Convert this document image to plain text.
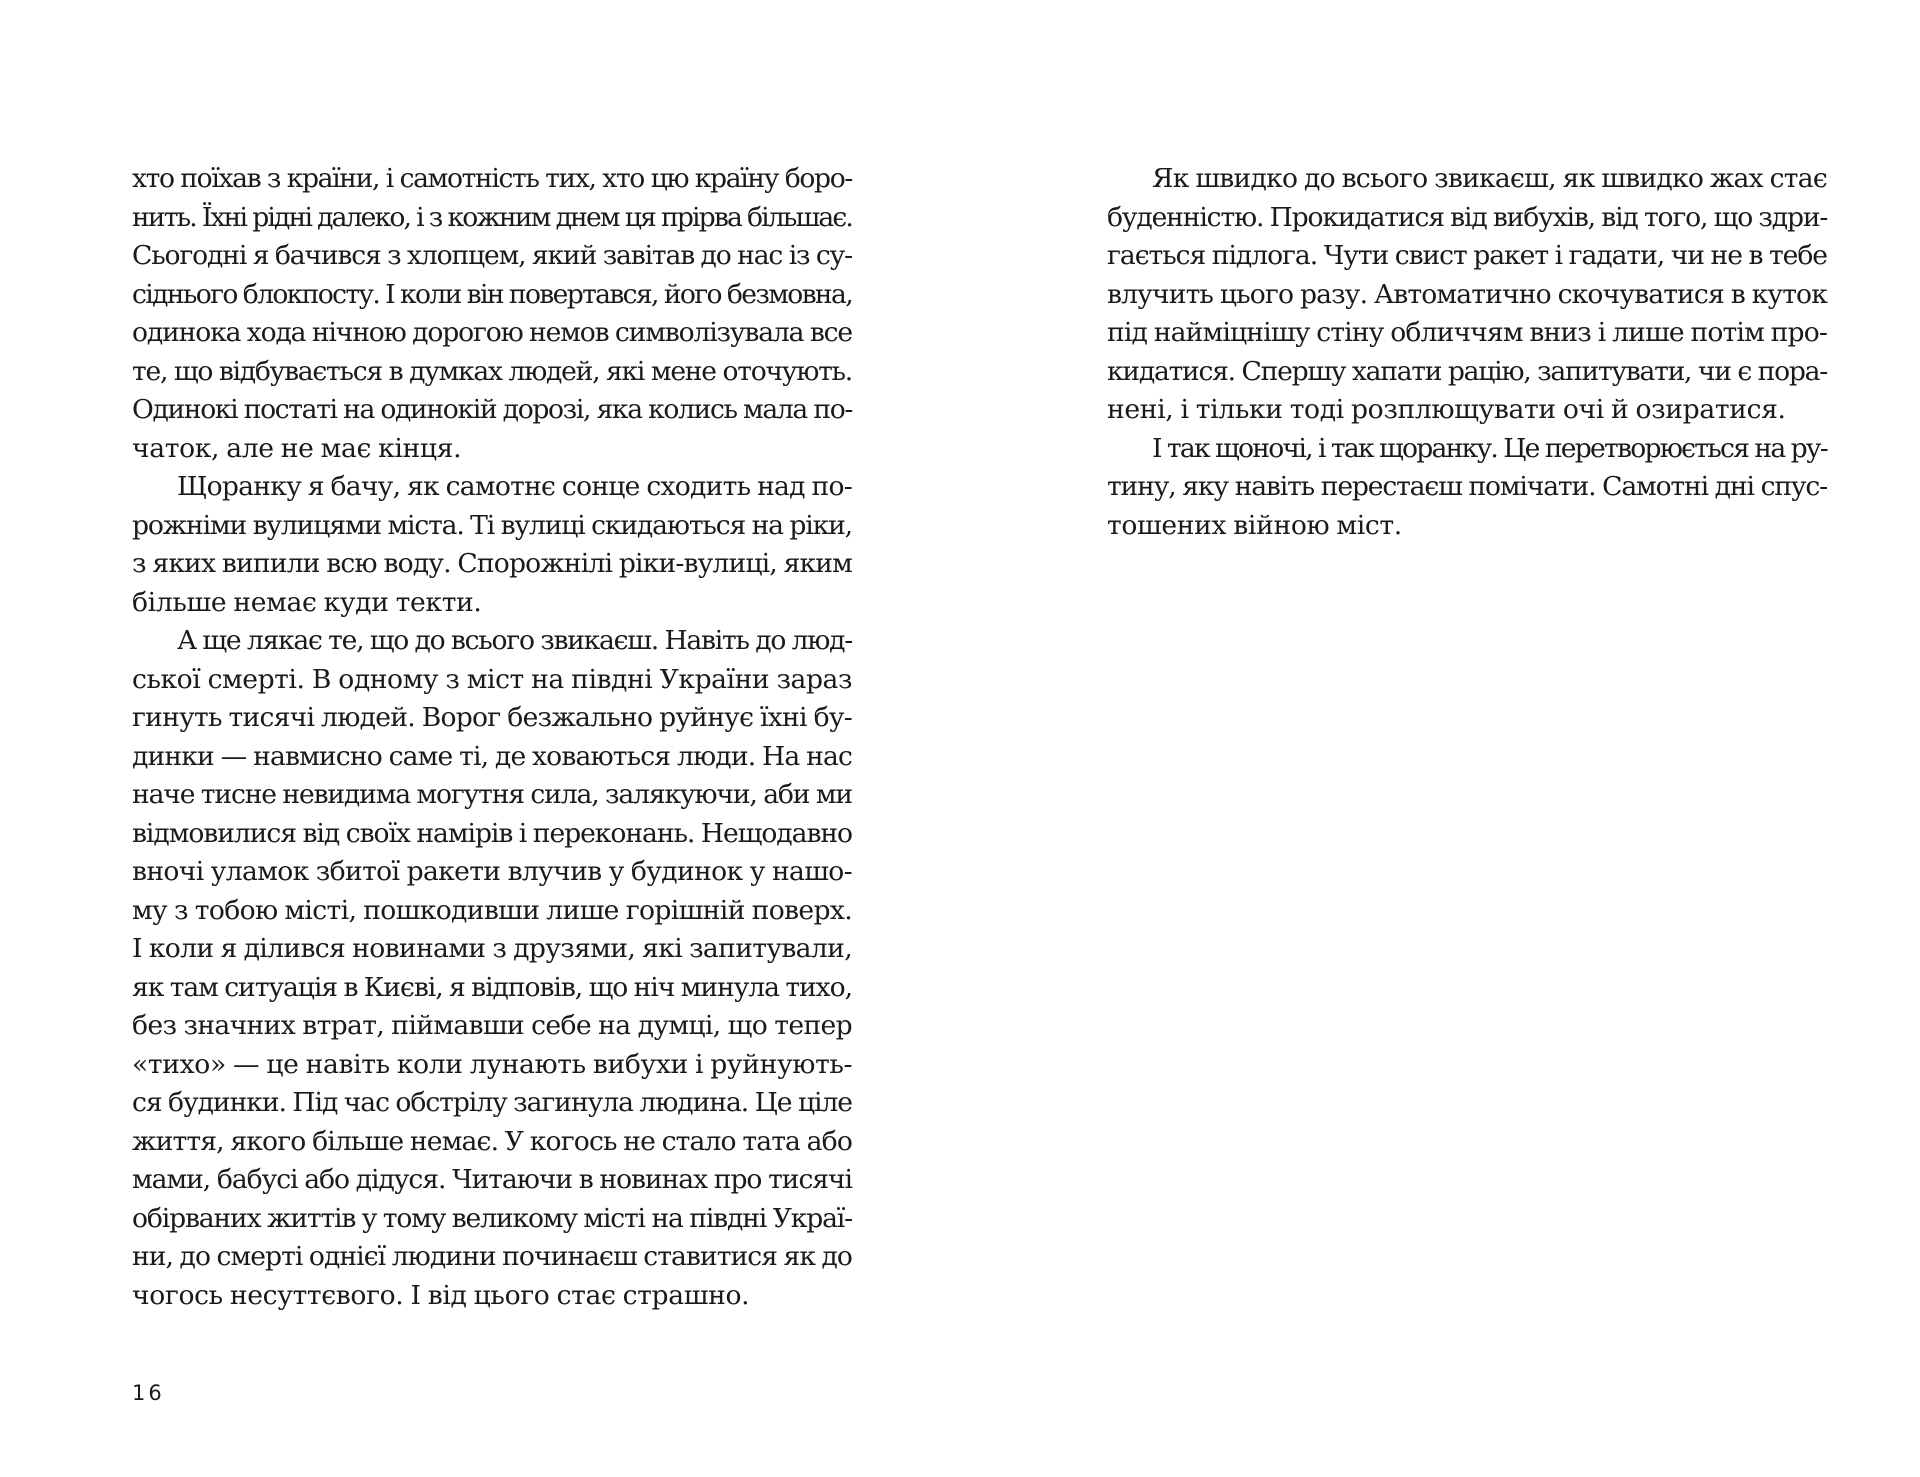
хто поїхав з країни, і самотність тих, хто цю країну боро-
нить. Їхні рідні далеко, і з кожним днем ця прірва більшає.
Сьогодні я бачився з хлопцем, який завітав до нас із су-
сіднього блокпосту. І коли він повертався, його безмовна,
одинока хода нічною дорогою немов символізувала все
те, що відбувається в думках людей, які мене оточують.
Одинокі постаті на одинокій дорозі, яка колись мала по-
чаток, але не має кінця.
Щоранку я бачу, як самотнє сонце сходить над по-
рожніми вулицями міста. Ті вулиці скидаються на ріки,
з яких випили всю воду. Спорожнілі ріки-вулиці, яким
більше немає куди текти.
А ще лякає те, що до всього звикаєш. Навіть до люд-
ської смерті. В одному з міст на півдні України зараз
гинуть тисячі людей. Ворог безжально руйнує їхні бу-
динки — навмисно саме ті, де ховаються люди. На нас
наче тисне невидима могутня сила, залякуючи, аби ми
відмовилися від своїх намірів і переконань. Нещодавно
вночі уламок збитої ракети влучив у будинок у нашо-
му з тобою місті, пошкодивши лише горішній поверх.
І коли я ділився новинами з друзями, які запитували,
як там ситуація в Києві, я відповів, що ніч минула тихо,
без значних втрат, піймавши себе на думці, що тепер
«тихо» — це навіть коли лунають вибухи і руйнують-
ся будинки. Під час обстрілу загинула людина. Це ціле
життя, якого більше немає. У когось не стало тата або
мами, бабусі або дідуся. Читаючи в новинах про тисячі
обірваних життів у тому великому місті на півдні Украї-
ни, до смерті однієї людини починаєш ставитися як до
чогось несуттєвого. І від цього стає страшно.
16
Як швидко до всього звикаєш, як швидко жах стає
буденністю. Прокидатися від вибухів, від того, що здри-
гається підлога. Чути свист ракет і гадати, чи не в тебе
влучить цього разу. Автоматично скочуватися в куток
під найміцнішу стіну обличчям вниз і лише потім про-
кидатися. Спершу хапати рацію, запитувати, чи є пора-
нені, і тільки тоді розплющувати очі й озиратися.
І так щоночі, і так щоранку. Це перетворюється на ру-
тину, яку навіть перестаєш помічати. Самотні дні спус-
тошених війною міст.
